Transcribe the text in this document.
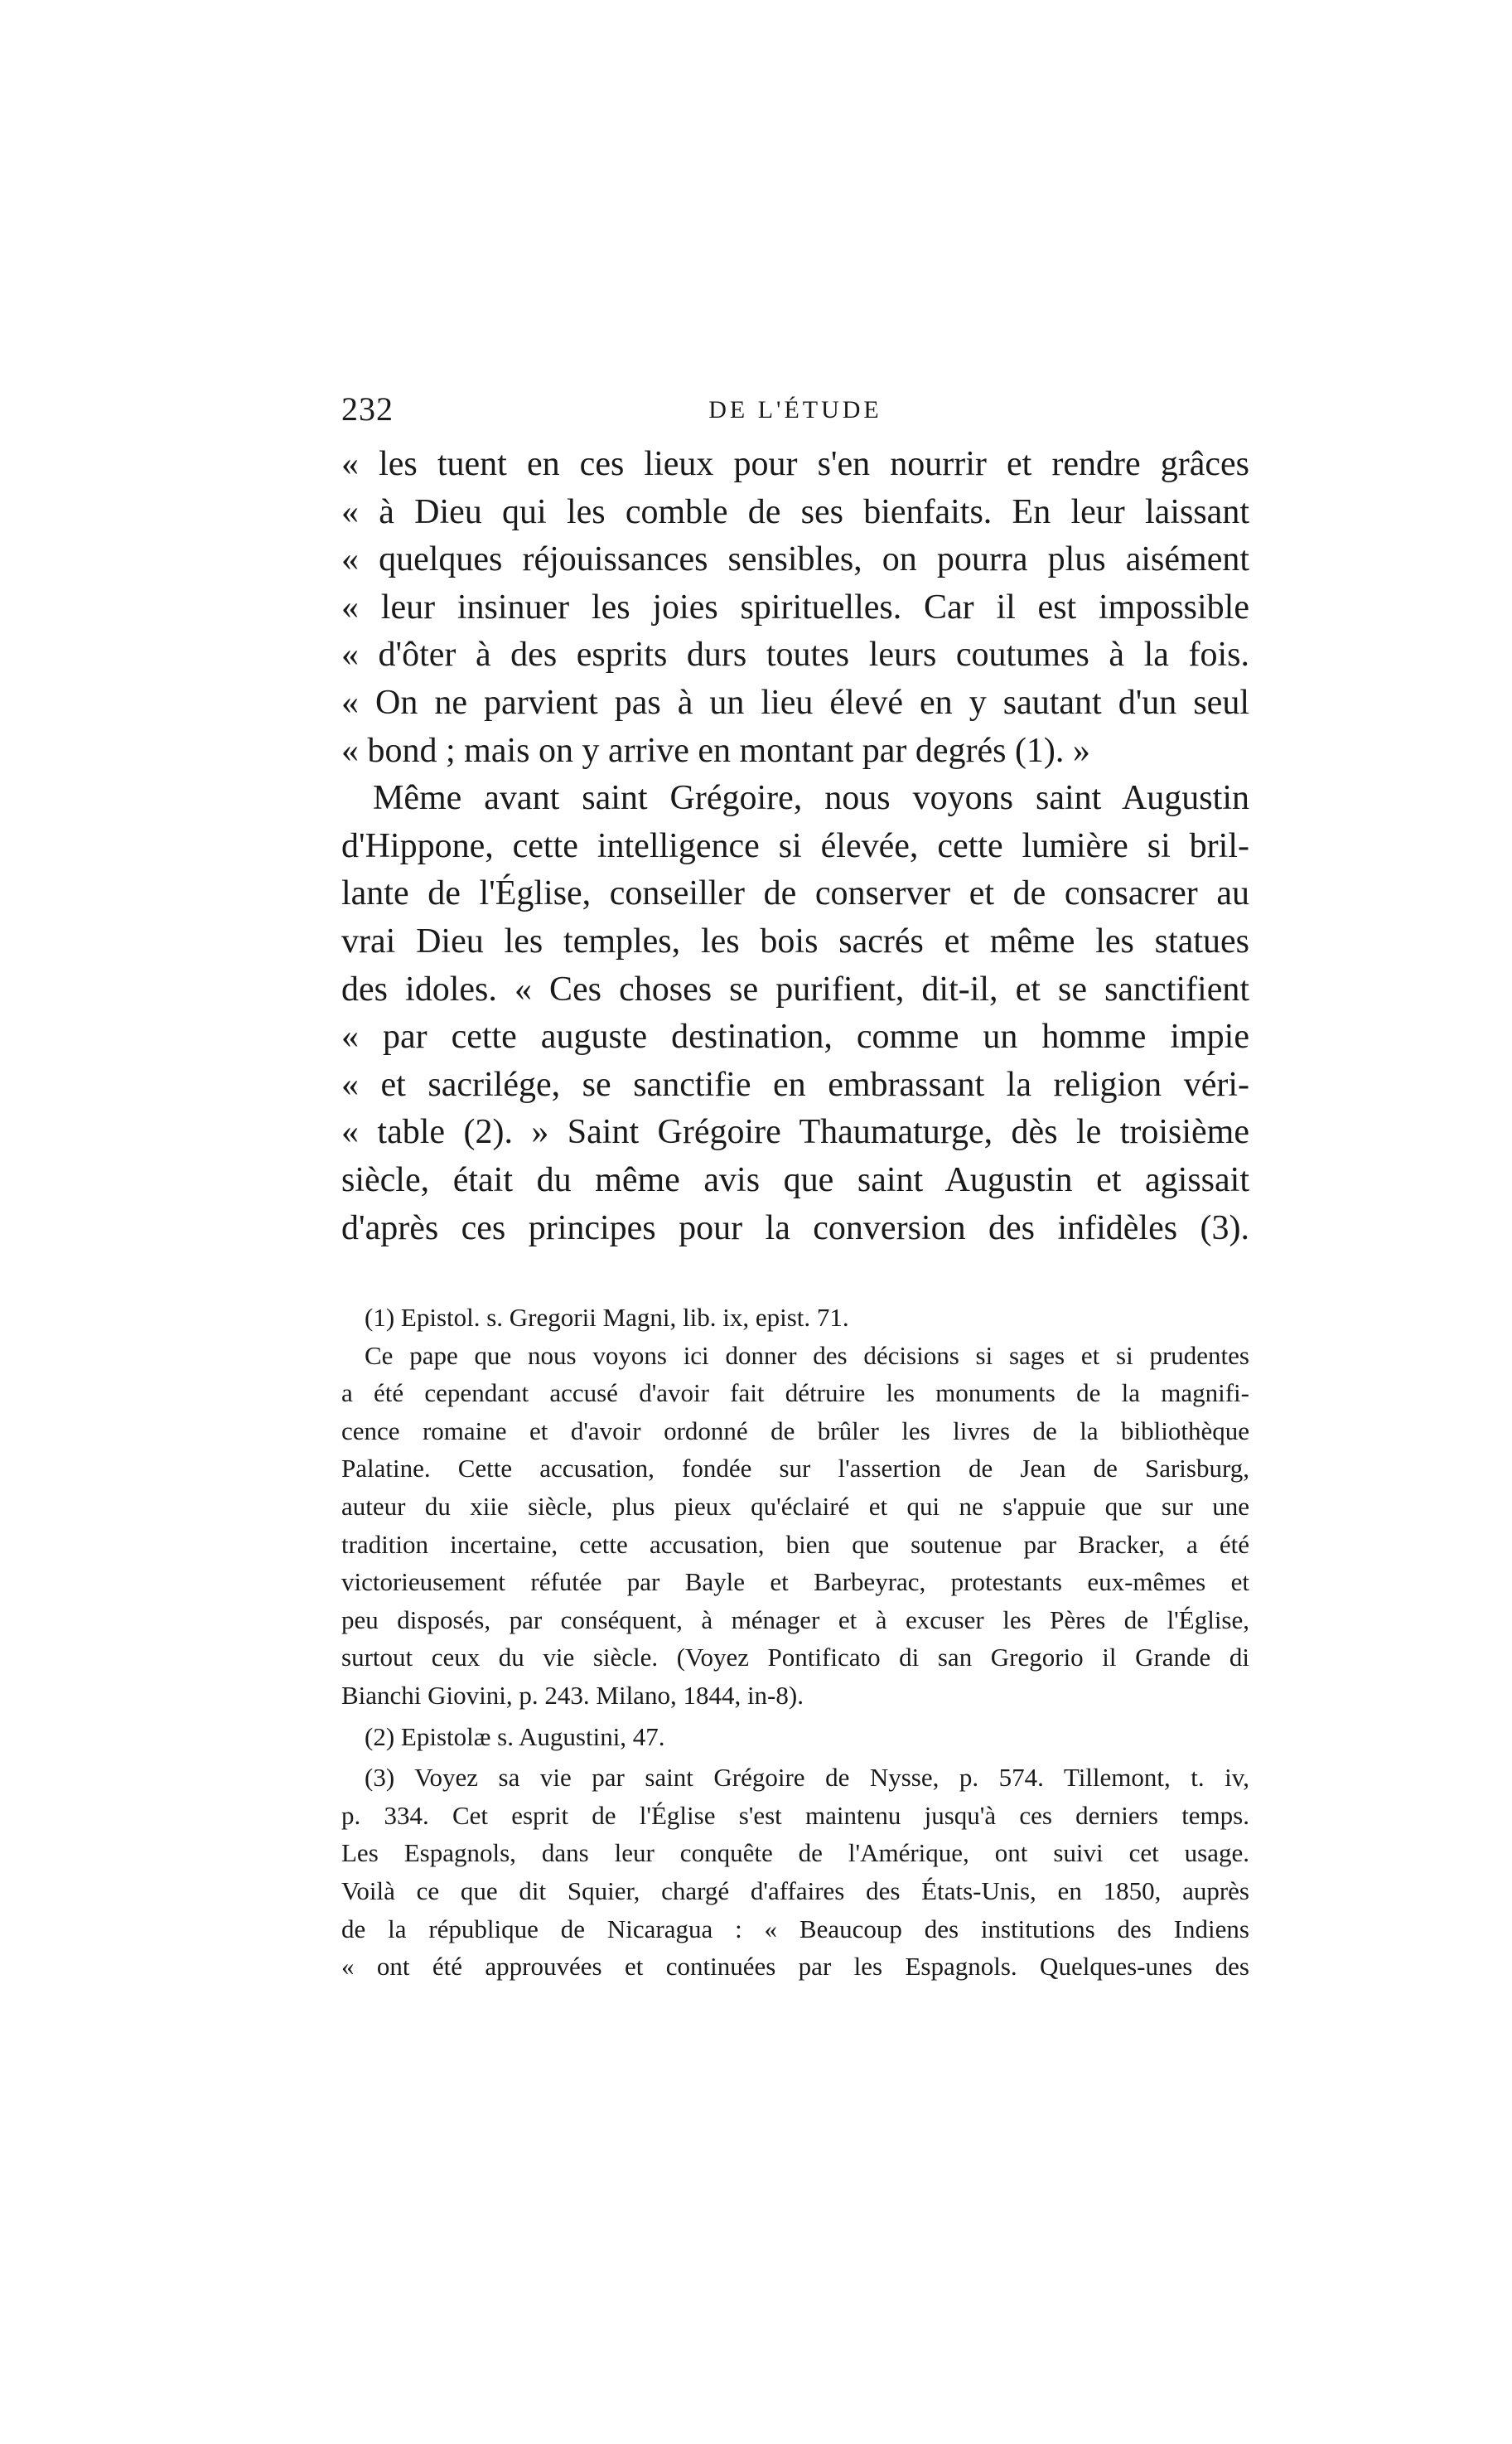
232	DE L'ÉTUDE
« les tuent en ces lieux pour s'en nourrir et rendre grâces
« à Dieu qui les comble de ses bienfaits. En leur laissant
« quelques réjouissances sensibles, on pourra plus aisément
« leur insinuer les joies spirituelles. Car il est impossible
« d'ôter à des esprits durs toutes leurs coutumes à la fois.
« On ne parvient pas à un lieu élevé en y sautant d'un seul
« bond ; mais on y arrive en montant par degrés (1). »
Même avant saint Grégoire, nous voyons saint Augustin
d'Hippone, cette intelligence si élevée, cette lumière si bril-
lante de l'Église, conseiller de conserver et de consacrer au
vrai Dieu les temples, les bois sacrés et même les statues
des idoles. « Ces choses se purifient, dit-il, et se sanctifient
« par cette auguste destination, comme un homme impie
« et sacrilége, se sanctifie en embrassant la religion véri-
« table (2). » Saint Grégoire Thaumaturge, dès le troisième
siècle, était du même avis que saint Augustin et agissait
d'après ces principes pour la conversion des infidèles (3).
(1) Epistol. s. Gregorii Magni, lib. ix, epist. 71.
Ce pape que nous voyons ici donner des décisions si sages et si prudentes
a été cependant accusé d'avoir fait détruire les monuments de la magnifi-
cence romaine et d'avoir ordonné de brûler les livres de la bibliothèque
Palatine. Cette accusation, fondée sur l'assertion de Jean de Sarisburg,
auteur du xiie siècle, plus pieux qu'éclairé et qui ne s'appuie que sur une
tradition incertaine, cette accusation, bien que soutenue par Bracker, a été
victorieusement réfutée par Bayle et Barbeyrac, protestants eux-mêmes et
peu disposés, par conséquent, à ménager et à excuser les Pères de l'Église,
surtout ceux du vie siècle. (Voyez Pontificato di san Gregorio il Grande di
Bianchi Giovini, p. 243. Milano, 1844, in-8).
(2) Epistolæ s. Augustini, 47.
(3) Voyez sa vie par saint Grégoire de Nysse, p. 574. Tillemont, t. iv,
p. 334. Cet esprit de l'Église s'est maintenu jusqu'à ces derniers temps.
Les Espagnols, dans leur conquête de l'Amérique, ont suivi cet usage.
Voilà ce que dit Squier, chargé d'affaires des États-Unis, en 1850, auprès
de la république de Nicaragua : « Beaucoup des institutions des Indiens
« ont été approuvées et continuées par les Espagnols. Quelques-unes des
